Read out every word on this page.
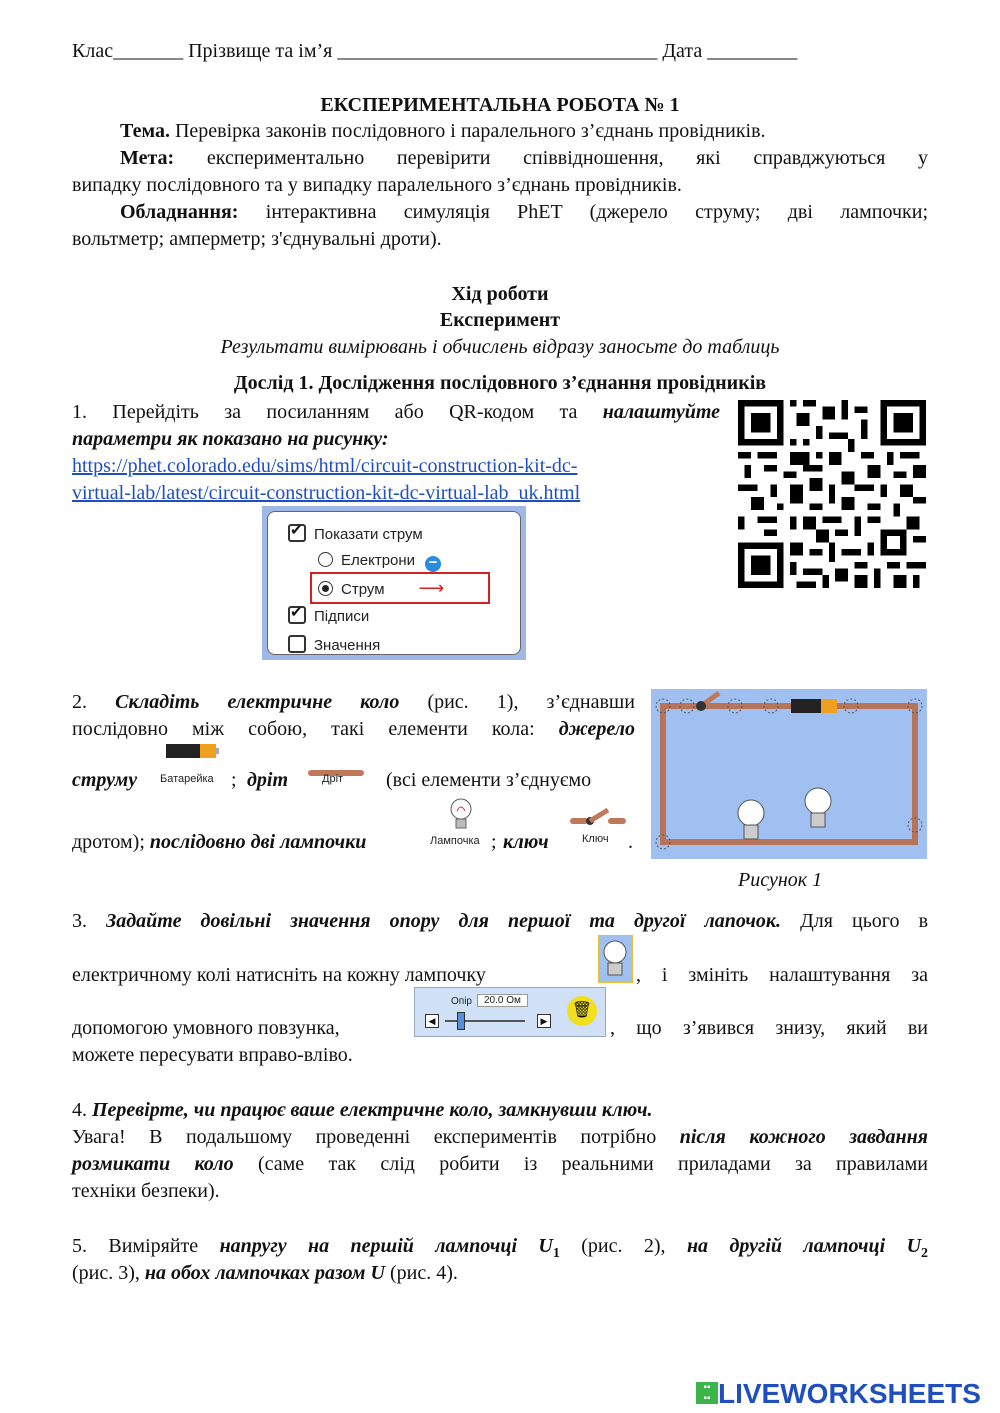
Клас_______ Прізвище та ім’я ________________________________ Дата _________
ЕКСПЕРИМЕНТАЛЬНА РОБОТА № 1
Тема. Перевірка законів послідовного і паралельного з’єднань провідників.
Мета: експериментально перевірити співвідношення, які справджуються у
випадку послідовного та у випадку паралельного з’єднань провідників.
Обладнання: інтерактивна симуляція PhET (джерело струму; дві лампочки;
вольтметр; амперметр; з'єднувальні дроти).
Хід роботи
Експеримент
Результати вимірювань і обчислень відразу заносьте до таблиць
Дослід 1. Дослідження послідовного з’єднання провідників
1. Перейдіть за посиланням або QR-кодом та налаштуйте
параметри як показано на рисунку:
https://phet.colorado.edu/sims/html/circuit-construction-kit-dc-
virtual-lab/latest/circuit-construction-kit-dc-virtual-lab_uk.html
✔Показати струм
Електрони −
Струм ⟶
✔Підписи
Значення
2. Складіть електричне коло (рис. 1), з’єднавши
послідовно між собою, такі елементи кола: джерело
струму	Батарейка ; дріт	Дріт (всі елементи з’єднуємо
дротом); послідовно дві лампочки	Лампочка ; ключ	Ключ .
Рисунок 1
3. Задайте довільні значення опору для першої та другої лапочок. Для цього в
електричному колі натисніть на кожну лампочку	, і змініть налаштування за
допомогою умовного повзунка,
Опір	20.0 Ом
◀	▶
🗑
, що з’явився знизу, який ви
можете пересувати вправо-вліво.
4. Перевірте, чи працює ваше електричне коло, замкнувши ключ.
Увага! В подальшому проведенні експериментів потрібно після кожного завдання
розмикати коло (саме так слід робити із реальними приладами за правилами
техніки безпеки).
5. Виміряйте напругу на першій лампочці $U_1$ (рис. 2), на другій лампочці $U_2$
(рис. 3), на обох лампочках разом U (рис. 4).
▪▪
▪▪ LIVEWORKSHEETS
